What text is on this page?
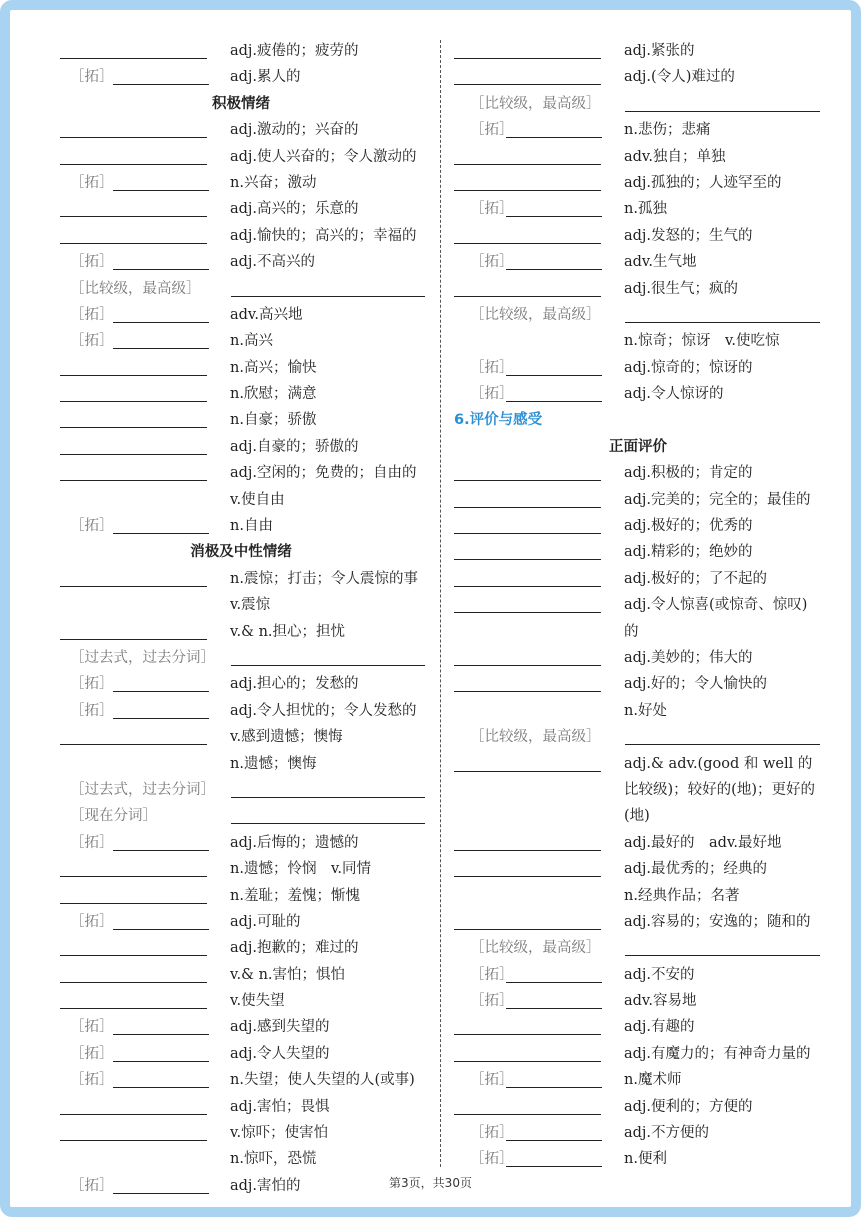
adj.疲倦的；疲劳的
［拓］	adj.累人的
积极情绪
adj.激动的；兴奋的
adj.使人兴奋的；令人激动的
［拓］	n.兴奋；激动
adj.高兴的；乐意的
adj.愉快的；高兴的；幸福的
［拓］	adj.不高兴的
［比较级，最高级］
［拓］	adv.高兴地
［拓］	n.高兴
n.高兴；愉快
n.欣慰；满意
n.自豪；骄傲
adj.自豪的；骄傲的
adj.空闲的；免费的；自由的
v.使自由
［拓］	n.自由
消极及中性情绪
n.震惊；打击；令人震惊的事
v.震惊
v.& n.担心；担忧
［过去式，过去分词］
［拓］	adj.担心的；发愁的
［拓］	adj.令人担忧的；令人发愁的
v.感到遗憾；懊悔
n.遗憾；懊悔
［过去式，过去分词］
［现在分词］
［拓］	adj.后悔的；遗憾的
n.遗憾；怜悯　v.同情
n.羞耻；羞愧；惭愧
［拓］	adj.可耻的
adj.抱歉的；难过的
v.& n.害怕；惧怕
v.使失望
［拓］	adj.感到失望的
［拓］	adj.令人失望的
［拓］	n.失望；使人失望的人(或事)
adj.害怕；畏惧
v.惊吓；使害怕
n.惊吓，恐慌
［拓］	adj.害怕的
adj.紧张的
adj.(令人)难过的
［比较级，最高级］
［拓］	n.悲伤；悲痛
adv.独自；单独
adj.孤独的；人迹罕至的
［拓］	n.孤独
adj.发怒的；生气的
［拓］	adv.生气地
adj.很生气；疯的
［比较级，最高级］
n.惊奇；惊讶　v.使吃惊
［拓］	adj.惊奇的；惊讶的
［拓］	adj.令人惊讶的
6.评价与感受
正面评价
adj.积极的；肯定的
adj.完美的；完全的；最佳的
adj.极好的；优秀的
adj.精彩的；绝妙的
adj.极好的；了不起的
adj.令人惊喜(或惊奇、惊叹)的
adj.美妙的；伟大的
adj.好的；令人愉快的
n.好处
［比较级，最高级］
adj.& adv.(good 和 well 的比较级)；较好的(地)；更好的(地)
adj.最好的　adv.最好地
adj.最优秀的；经典的
n.经典作品；名著
adj.容易的；安逸的；随和的
［比较级，最高级］
［拓］	adj.不安的
［拓］	adv.容易地
adj.有趣的
adj.有魔力的；有神奇力量的
［拓］	n.魔术师
adj.便利的；方便的
［拓］	adj.不方便的
［拓］	n.便利
第3页，共30页
